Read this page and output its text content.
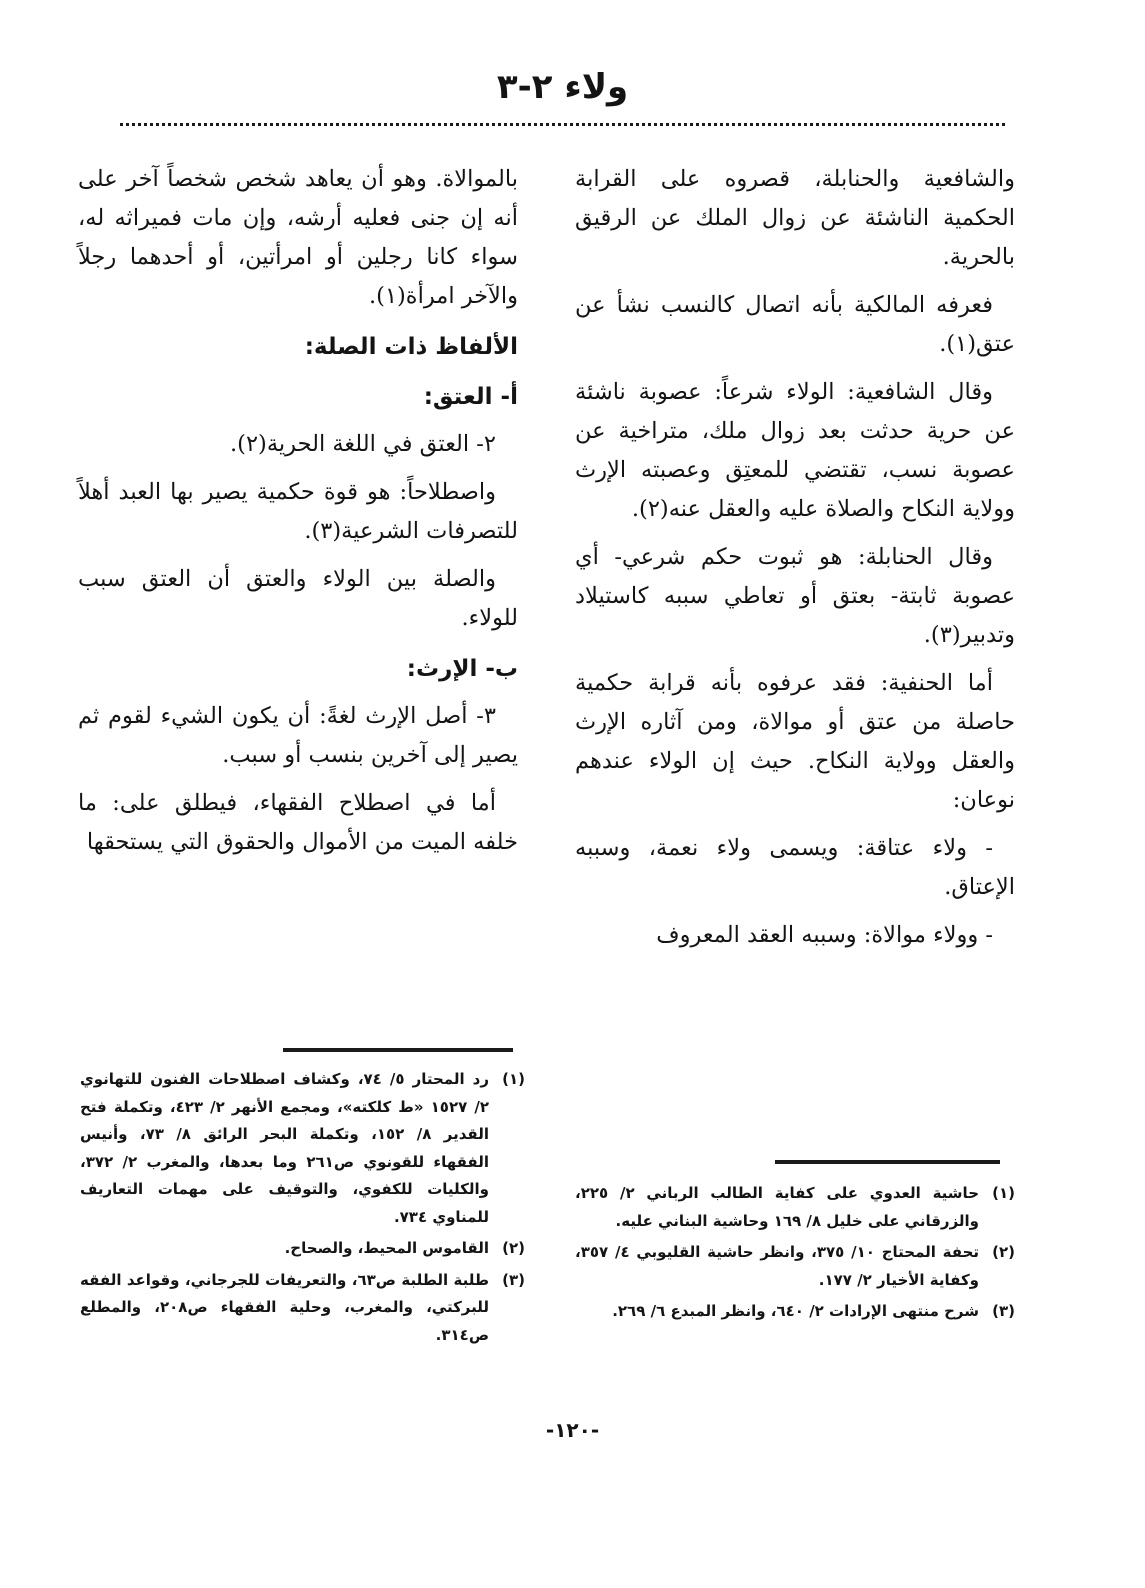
ولاء ٢-٣

والشافعية والحنابلة، قصروه على القرابة الحكمية الناشئة عن زوال الملك عن الرقيق بالحرية.

فعرفه المالكية بأنه اتصال كالنسب نشأ عن عتق(١).

وقال الشافعية: الولاء شرعاً: عصوبة ناشئة عن حرية حدثت بعد زوال ملك، متراخية عن عصوبة نسب، تقتضي للمعتِق وعصبته الإرث وولاية النكاح والصلاة عليه والعقل عنه(٢).

وقال الحنابلة: هو ثبوت حكم شرعي- أي عصوبة ثابتة- بعتق أو تعاطي سببه كاستيلاد وتدبير(٣).

أما الحنفية: فقد عرفوه بأنه قرابة حكمية حاصلة من عتق أو موالاة، ومن آثاره الإرث والعقل وولاية النكاح. حيث إن الولاء عندهم نوعان:

- ولاء عتاقة: ويسمى ولاء نعمة، وسببه الإعتاق.

- وولاء موالاة: وسببه العقد المعروف

بالموالاة. وهو أن يعاهد شخص شخصاً آخر على أنه إن جنى فعليه أرشه، وإن مات فميراثه له، سواء كانا رجلين أو امرأتين، أو أحدهما رجلاً والآخر امرأة(١).

الألفاظ ذات الصلة:
أ- العتق:

٢- العتق في اللغة الحرية(٢).

واصطلاحاً: هو قوة حكمية يصير بها العبد أهلاً للتصرفات الشرعية(٣).

والصلة بين الولاء والعتق أن العتق سبب للولاء.

ب- الإرث:

٣- أصل الإرث لغةً: أن يكون الشيء لقوم ثم يصير إلى آخرين بنسب أو سبب.

أما في اصطلاح الفقهاء، فيطلق على: ما خلفه الميت من الأموال والحقوق التي يستحقها

(١)
حاشية العدوي على كفاية الطالب الرباني ٢/ ٢٢٥، والزرقاني على خليل ٨/ ١٦٩ وحاشية البناني عليه.
(٢)
تحفة المحتاج ١٠/ ٣٧٥، وانظر حاشية القليوبي ٤/ ٣٥٧، وكفاية الأخيار ٢/ ١٧٧.
(٣)
شرح منتهى الإرادات ٢/ ٦٤٠، وانظر المبدع ٦/ ٢٦٩.
(١)
رد المحتار ٥/ ٧٤، وكشاف اصطلاحات الفنون للتهانوي ٢/ ١٥٢٧ «ط كلكته»، ومجمع الأنهر ٢/ ٤٢٣، وتكملة فتح القدير ٨/ ١٥٢، وتكملة البحر الرائق ٨/ ٧٣، وأنيس الفقهاء للقونوي ص٢٦١ وما بعدها، والمغرب ٢/ ٣٧٢، والكليات للكفوي، والتوقيف على مهمات التعاريف للمناوي ٧٣٤.
(٢)
القاموس المحيط، والصحاح.
(٣)
طلبة الطلبة ص٦٣، والتعريفات للجرجاني، وقواعد الفقه للبركتي، والمغرب، وحلية الفقهاء ص٢٠٨، والمطلع ص٣١٤.
-١٢٠-
